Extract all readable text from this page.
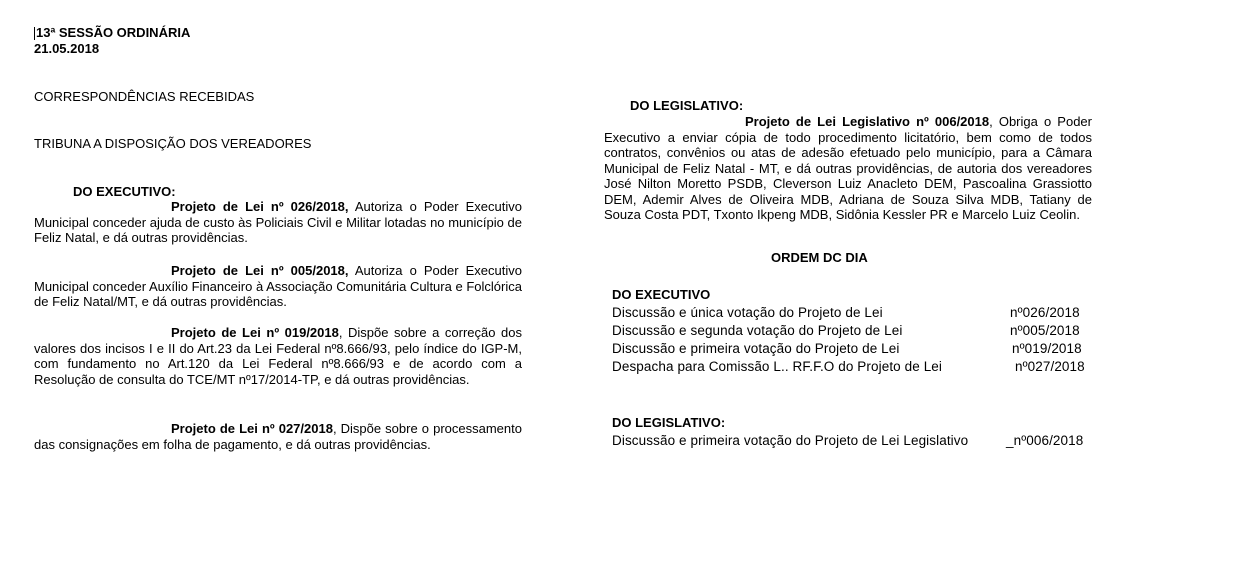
13ª SESSÃO ORDINÁRIA
21.05.2018
CORRESPONDÊNCIAS RECEBIDAS
TRIBUNA A DISPOSIÇÃO DOS VEREADORES
DO EXECUTIVO:
Projeto de Lei nº 026/2018, Autoriza o Poder Executivo Municipal conceder ajuda de custo às Policiais Civil e Militar lotadas no município de Feliz Natal, e dá outras providências.
Projeto de Lei nº 005/2018, Autoriza o Poder Executivo Municipal conceder Auxílio Financeiro à Associação Comunitária Cultura e Folclórica de Feliz Natal/MT, e dá outras providências.
Projeto de Lei nº 019/2018, Dispõe sobre a correção dos valores dos incisos I e II do Art.23 da Lei Federal nº8.666/93, pelo índice do IGP-M, com fundamento no Art.120 da Lei Federal nº8.666/93 e de acordo com a Resolução de consulta do TCE/MT nº17/2014-TP, e dá outras providências.
Projeto de Lei nº 027/2018, Dispõe sobre o processamento das consignações em folha de pagamento, e dá outras providências.
DO LEGISLATIVO:
Projeto de Lei Legislativo nº 006/2018, Obriga o Poder Executivo a enviar cópia de todo procedimento licitatório, bem como de todos contratos, convênios ou atas de adesão efetuado pelo município, para a Câmara Municipal de Feliz Natal - MT, e dá outras providências, de autoria dos vereadores José Nilton Moretto PSDB, Cleverson Luiz Anacleto DEM, Pascoalina Grassiotto DEM, Ademir Alves de Oliveira MDB, Adriana de Souza Silva MDB, Tatiany de Souza Costa PDT, Txonto Ikpeng MDB, Sidônia Kessler PR e Marcelo Luiz Ceolin.
ORDEM DC DIA
DO EXECUTIVO
Discussão e única votação do Projeto de Lei	nº026/2018
Discussão e segunda votação do Projeto de Lei	nº005/2018
Discussão e primeira votação do Projeto de Lei	nº019/2018
Despacha para Comissão L.. RF.F.O do Projeto de Lei	nº027/2018
DO LEGISLATIVO:
Discussão e primeira votação do Projeto de Lei Legislativo	_nº006/2018
